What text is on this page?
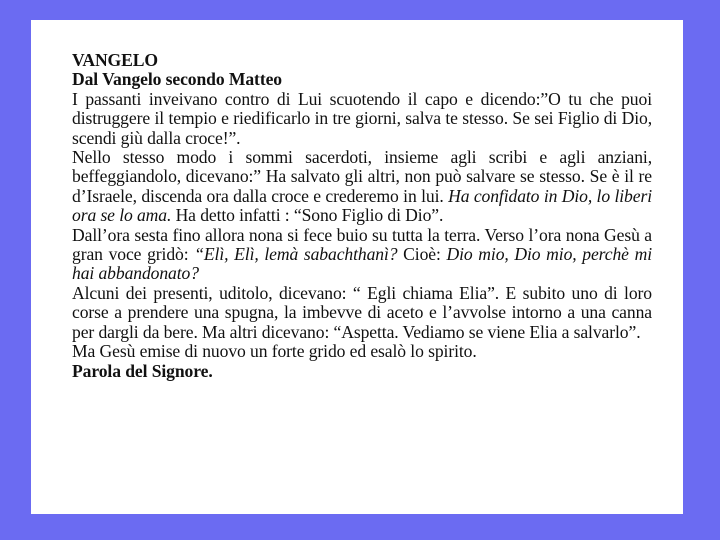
VANGELO

Dal Vangelo secondo Matteo

I passanti inveivano contro di Lui scuotendo il capo e dicendo:”O tu che puoi distruggere il tempio e riedificarlo in tre giorni, salva te stesso. Se sei Figlio di Dio, scendi giù dalla croce!”.

Nello stesso modo i sommi sacerdoti, insieme agli scribi e agli anziani, beffeggiandolo, dicevano:” Ha salvato gli altri, non può salvare se stesso. Se è il re d’Israele, discenda ora dalla croce e crederemo in lui. Ha confidato in Dio, lo liberi ora se lo ama. Ha detto infatti : “Sono Figlio di Dio”.

Dall’ora sesta fino allora nona si fece buio su tutta la terra. Verso l’ora nona Gesù a gran voce gridò: “Elì, Elì, lemà sabachthanì? Cioè: Dio mio, Dio mio, perchè mi hai abbandonato?

Alcuni dei presenti, uditolo, dicevano: “ Egli chiama Elia”. E subito uno di loro corse a prendere una spugna, la imbevve di aceto e l’avvolse intorno a una canna per dargli da bere. Ma altri dicevano: “Aspetta. Vediamo se viene Elia a salvarlo”.

Ma Gesù emise di nuovo un forte grido ed esalò lo spirito.

Parola del Signore.
